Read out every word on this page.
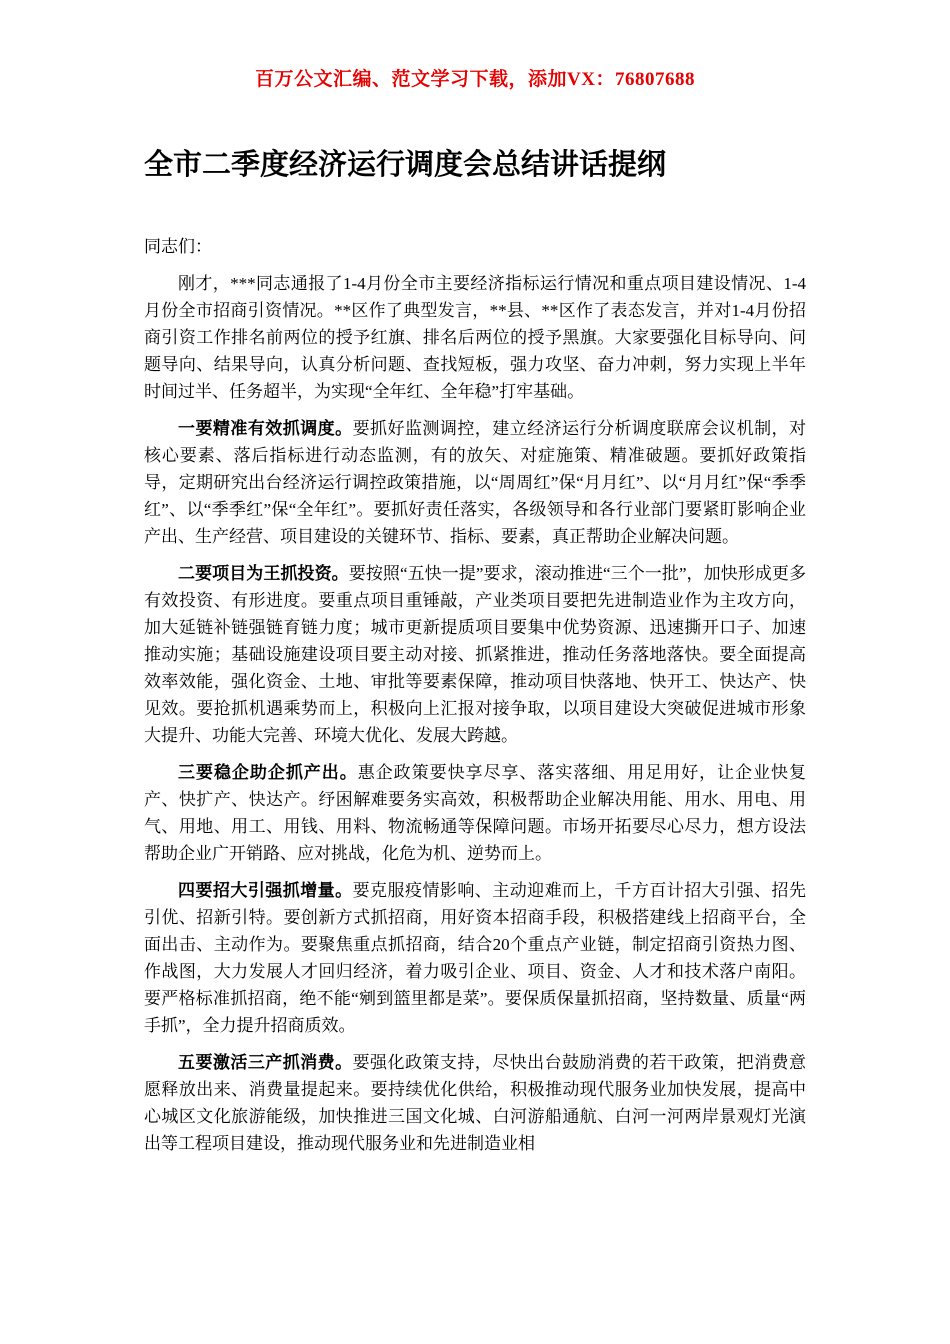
百万公文汇编、范文学习下载，添加VX：76807688
全市二季度经济运行调度会总结讲话提纲

同志们：

刚才，***同志通报了1-4月份全市主要经济指标运行情况和重点项目建设情况、1-4月份全市招商引资情况。**区作了典型发言，**县、**区作了表态发言，并对1-4月份招商引资工作排名前两位的授予红旗、排名后两位的授予黑旗。大家要强化目标导向、问题导向、结果导向，认真分析问题、查找短板，强力攻坚、奋力冲刺，努力实现上半年时间过半、任务超半，为实现“全年红、全年稳”打牢基础。

一要精准有效抓调度。要抓好监测调控，建立经济运行分析调度联席会议机制，对核心要素、落后指标进行动态监测，有的放矢、对症施策、精准破题。要抓好政策指导，定期研究出台经济运行调控政策措施，以“周周红”保“月月红”、以“月月红”保“季季红”、以“季季红”保“全年红”。要抓好责任落实，各级领导和各行业部门要紧盯影响企业产出、生产经营、项目建设的关键环节、指标、要素，真正帮助企业解决问题。

二要项目为王抓投资。要按照“五快一提”要求，滚动推进“三个一批”，加快形成更多有效投资、有形进度。要重点项目重锤敲，产业类项目要把先进制造业作为主攻方向，加大延链补链强链育链力度；城市更新提质项目要集中优势资源、迅速撕开口子、加速推动实施；基础设施建设项目要主动对接、抓紧推进，推动任务落地落快。要全面提高效率效能，强化资金、土地、审批等要素保障，推动项目快落地、快开工、快达产、快见效。要抢抓机遇乘势而上，积极向上汇报对接争取，以项目建设大突破促进城市形象大提升、功能大完善、环境大优化、发展大跨越。

三要稳企助企抓产出。惠企政策要快享尽享、落实落细、用足用好，让企业快复产、快扩产、快达产。纾困解难要务实高效，积极帮助企业解决用能、用水、用电、用气、用地、用工、用钱、用料、物流畅通等保障问题。市场开拓要尽心尽力，想方设法帮助企业广开销路、应对挑战，化危为机、逆势而上。

四要招大引强抓增量。要克服疫情影响、主动迎难而上，千方百计招大引强、招先引优、招新引特。要创新方式抓招商，用好资本招商手段，积极搭建线上招商平台，全面出击、主动作为。要聚焦重点抓招商，结合20个重点产业链，制定招商引资热力图、作战图，大力发展人才回归经济，着力吸引企业、项目、资金、人才和技术落户南阳。要严格标准抓招商，绝不能“剜到篮里都是菜”。要保质保量抓招商，坚持数量、质量“两手抓”，全力提升招商质效。

五要激活三产抓消费。要强化政策支持，尽快出台鼓励消费的若干政策，把消费意愿释放出来、消费量提起来。要持续优化供给，积极推动现代服务业加快发展，提高中心城区文化旅游能级，加快推进三国文化城、白河游船通航、白河一河两岸景观灯光演出等工程项目建设，推动现代服务业和先进制造业相
